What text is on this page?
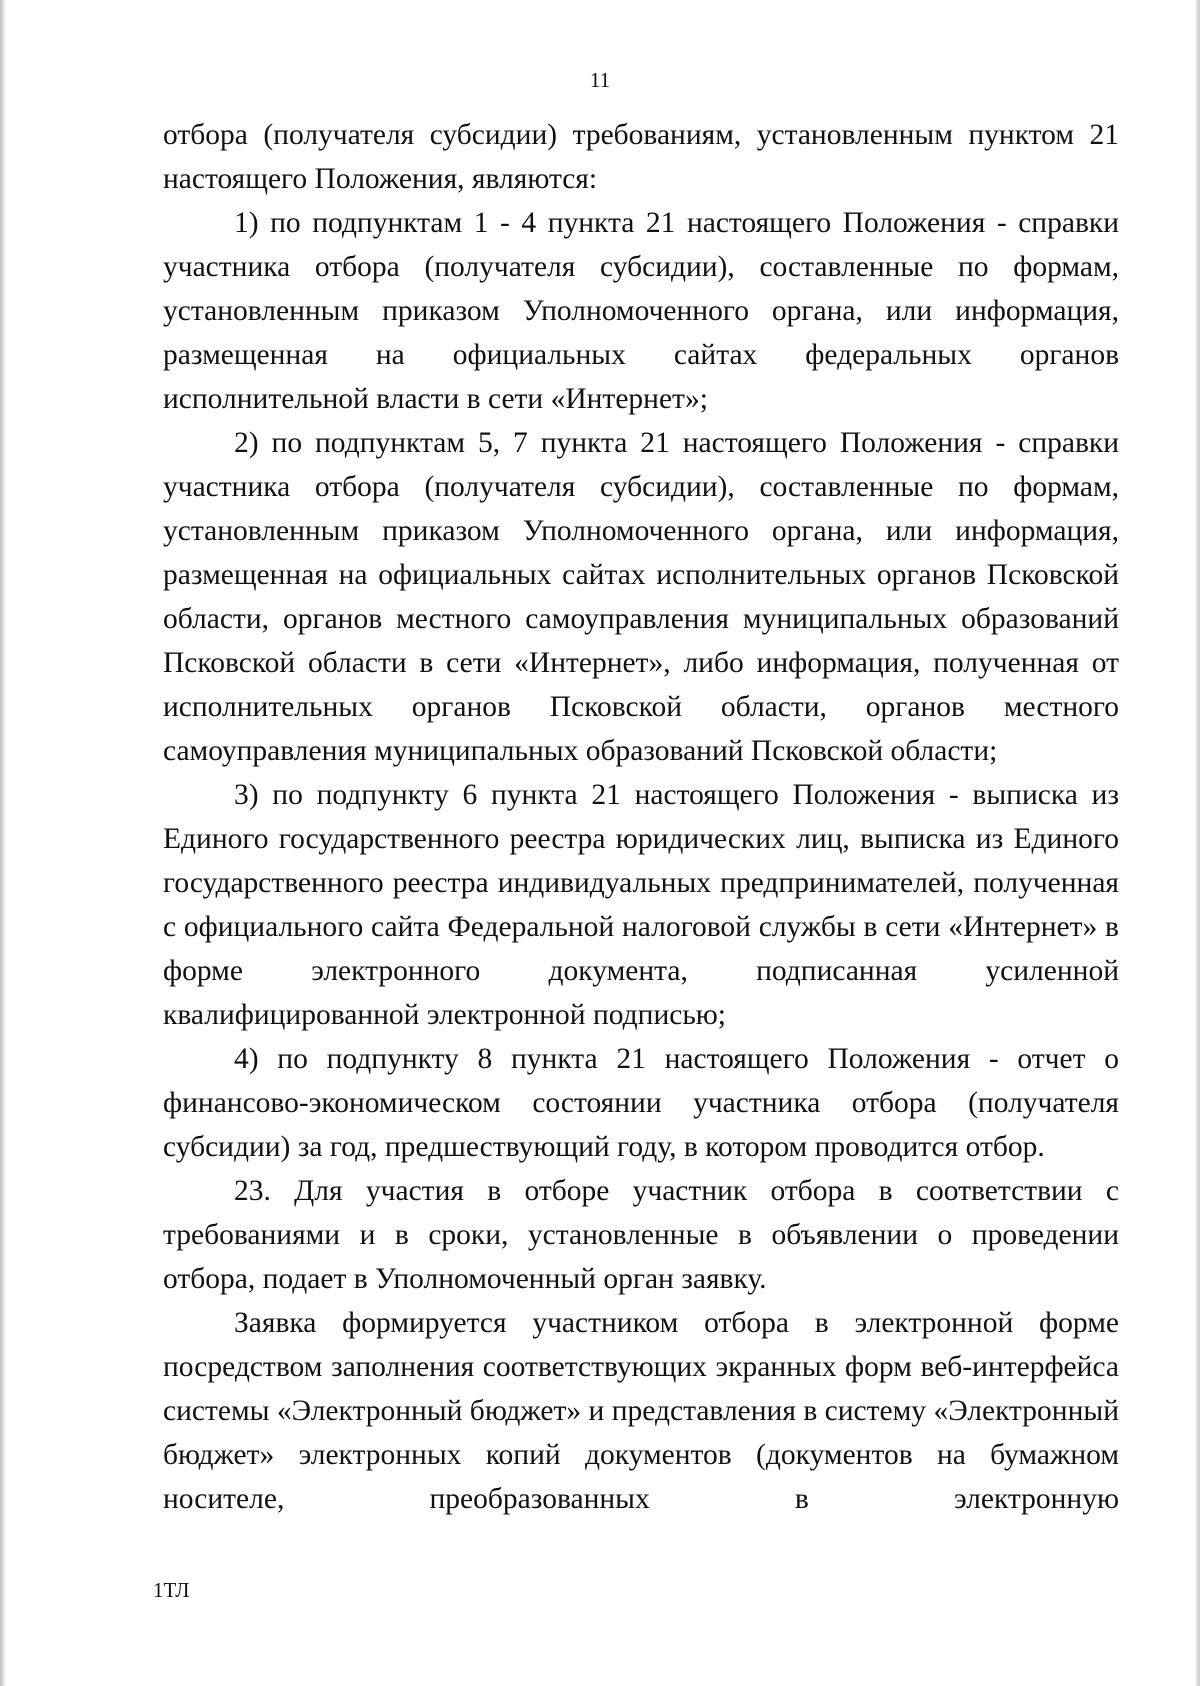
11

отбора (получателя субсидии) требованиям, установленным пунктом 21 настоящего Положения, являются:

1) по подпунктам 1 - 4 пункта 21 настоящего Положения - справки участника отбора (получателя субсидии), составленные по формам, установленным приказом Уполномоченного органа, или информация, размещенная на официальных сайтах федеральных органов исполнительной власти в сети «Интернет»;

2) по подпунктам 5, 7 пункта 21 настоящего Положения - справки участника отбора (получателя субсидии), составленные по формам, установленным приказом Уполномоченного органа, или информация, размещенная на официальных сайтах исполнительных органов Псковской области, органов местного самоуправления муниципальных образований Псковской области в сети «Интернет», либо информация, полученная от исполнительных органов Псковской области, органов местного самоуправления муниципальных образований Псковской области;

3) по подпункту 6 пункта 21 настоящего Положения - выписка из Единого государственного реестра юридических лиц, выписка из Единого государственного реестра индивидуальных предпринимателей, полученная с официального сайта Федеральной налоговой службы в сети «Интернет» в форме электронного документа, подписанная усиленной квалифицированной электронной подписью;

4) по подпункту 8 пункта 21 настоящего Положения - отчет о финансово-экономическом состоянии участника отбора (получателя субсидии) за год, предшествующий году, в котором проводится отбор.

23. Для участия в отборе участник отбора в соответствии с требованиями и в сроки, установленные в объявлении о проведении отбора, подает в Уполномоченный орган заявку.

Заявка формируется участником отбора в электронной форме посредством заполнения соответствующих экранных форм веб-интерфейса системы «Электронный бюджет» и представления в систему «Электронный бюджет» электронных копий документов (документов на бумажном носителе, преобразованных в электронную

1ТЛ
